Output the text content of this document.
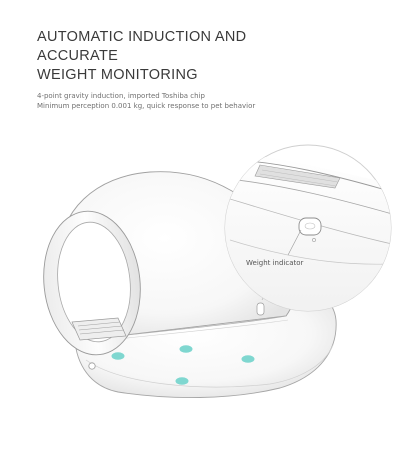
AUTOMATIC INDUCTION AND
ACCURATE
WEIGHT MONITORING
4-point gravity induction, imported Toshiba chip
Minimum perception 0.001 kg, quick response to pet behavior
Weight indicator
